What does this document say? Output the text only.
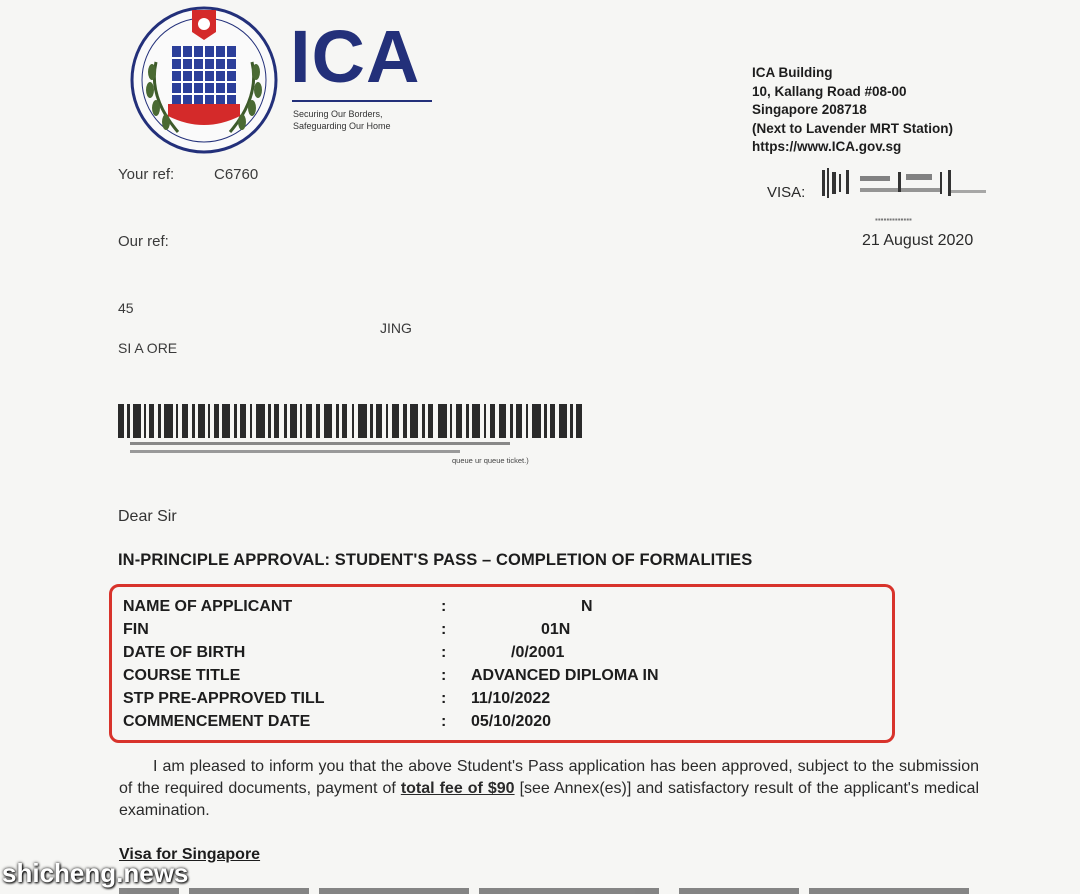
ICA
Securing Our Borders,
Safeguarding Our Home
ICA Building
10, Kallang Road #08-00
Singapore 208718
(Next to Lavender MRT Station)
https://www.ICA.gov.sg
VISA:
▪▪▪▪▪▪▪▪▪▪▪▪▪
21 August 2020
Your ref:	C6760
Our ref:
45
JING
SI A ORE
queue ur queue ticket.)
Dear Sir
IN-PRINCIPLE APPROVAL: STUDENT'S PASS – COMPLETION OF FORMALITIES
NAME OF APPLICANT	:	N
FIN	:	01N
DATE OF BIRTH	:	/0/2001
COURSE TITLE	:	ADVANCED DIPLOMA IN
STP PRE-APPROVED TILL	:	11/10/2022
COMMENCEMENT DATE	:	05/10/2020
I am pleased to inform you that the above Student's Pass application has been approved, subject to the submission of the required documents, payment of total fee of $90 [see Annex(es)] and satisfactory result of the applicant's medical examination.
Visa for Singapore
shicheng.news
